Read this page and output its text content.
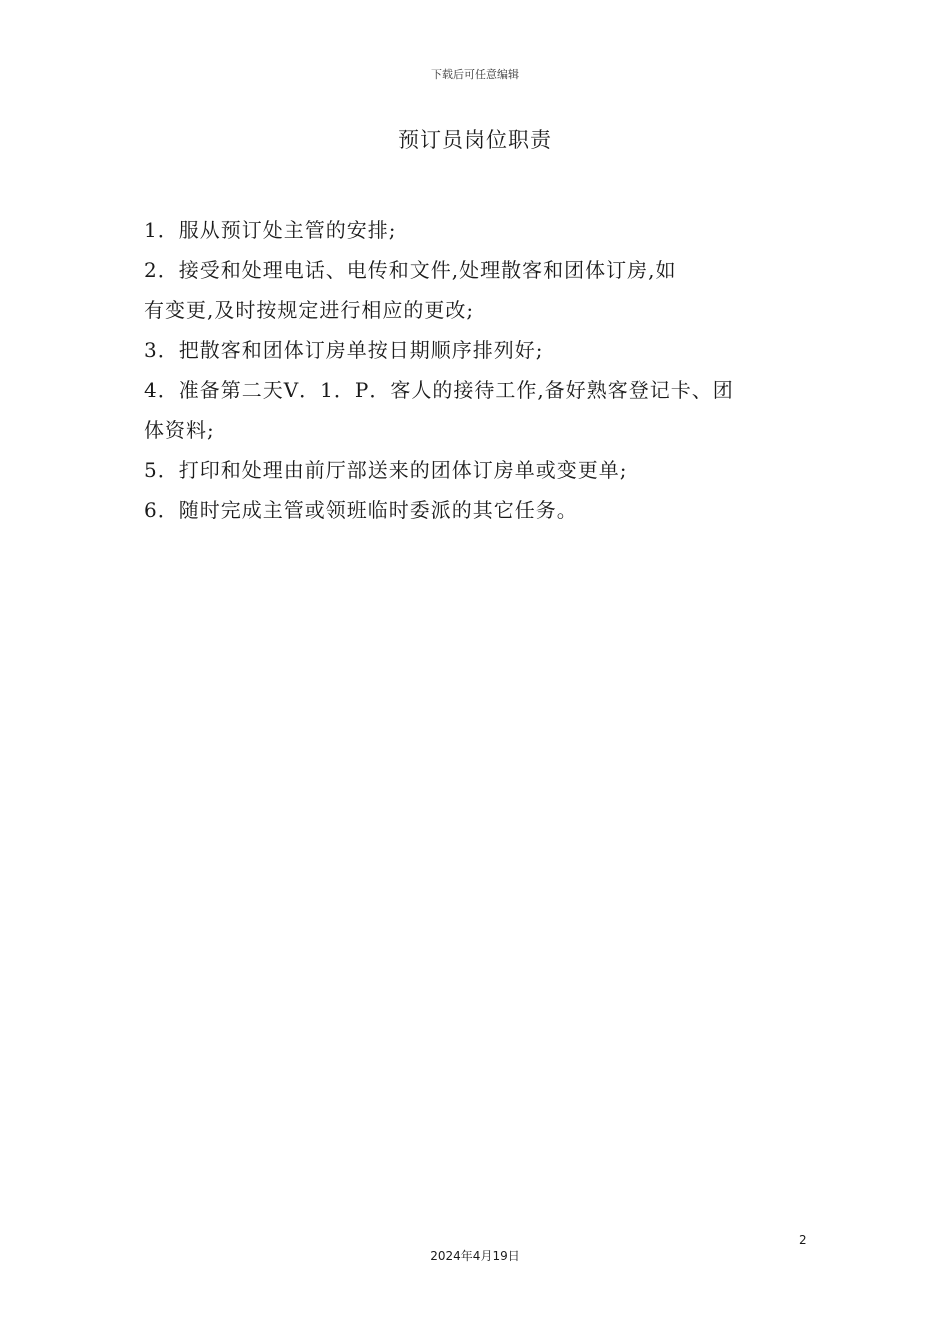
下载后可任意编辑
预订员岗位职责
1．服从预订处主管的安排;
2．接受和处理电话、电传和文件,处理散客和团体订房,如
有变更,及时按规定进行相应的更改;
3．把散客和团体订房单按日期顺序排列好;
4．准备第二天V．1．P．客人的接待工作,备好熟客登记卡、团
体资料;
5．打印和处理由前厅部送来的团体订房单或变更单;
6．随时完成主管或领班临时委派的其它任务。
2
2024年4月19日
